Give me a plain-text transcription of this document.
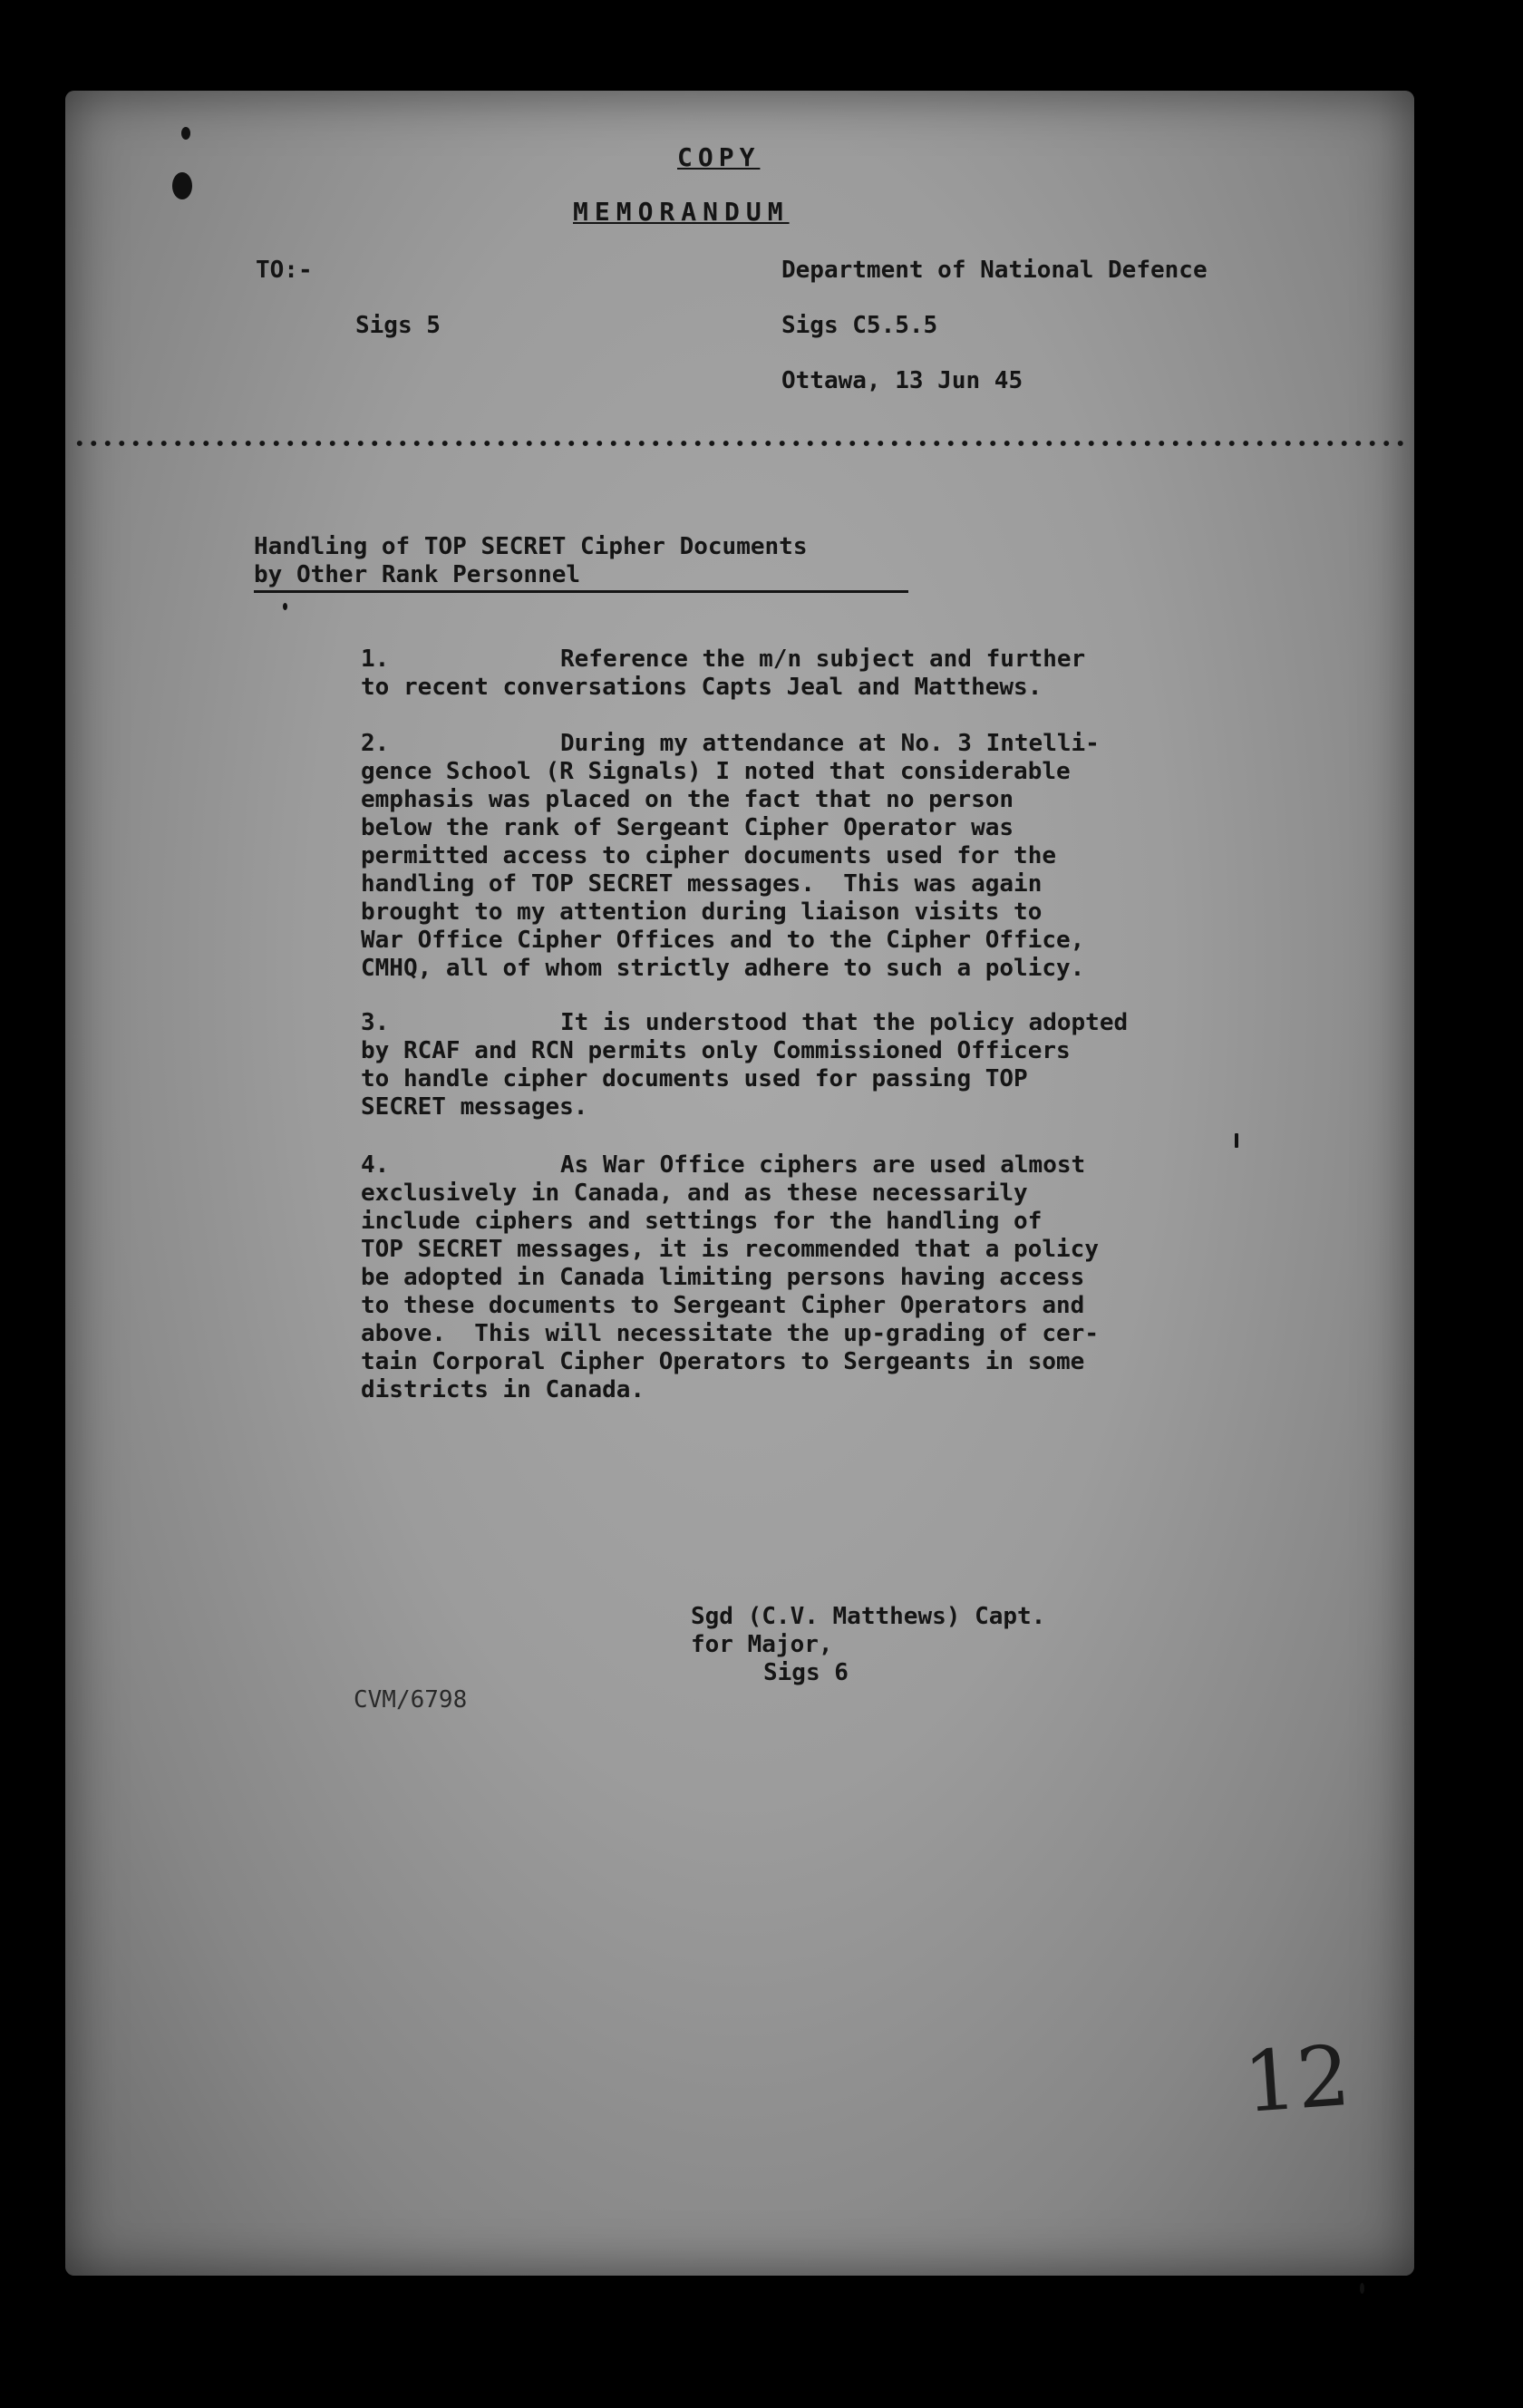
COPY
MEMORANDUM
TO:-
Sigs 5
Department of National Defence
Sigs C5.5.5
Ottawa, 13 Jun 45
Handling of TOP SECRET Cipher Documents
by Other Rank Personnel
1.	Reference the m/n subject and further
to recent conversations Capts Jeal and Matthews.
2.	During my attendance at No. 3 Intelli-
gence School (R Signals) I noted that considerable
emphasis was placed on the fact that no person
below the rank of Sergeant Cipher Operator was
permitted access to cipher documents used for the
handling of TOP SECRET messages.  This was again
brought to my attention during liaison visits to
War Office Cipher Offices and to the Cipher Office,
CMHQ, all of whom strictly adhere to such a policy.
3.	It is understood that the policy adopted
by RCAF and RCN permits only Commissioned Officers
to handle cipher documents used for passing TOP
SECRET messages.
4.	As War Office ciphers are used almost
exclusively in Canada, and as these necessarily
include ciphers and settings for the handling of
TOP SECRET messages, it is recommended that a policy
be adopted in Canada limiting persons having access
to these documents to Sergeant Cipher Operators and
above.  This will necessitate the up-grading of cer-
tain Corporal Cipher Operators to Sergeants in some
districts in Canada.
Sgd (C.V. Matthews) Capt.
for Major,
Sigs 6
CVM/6798
12
